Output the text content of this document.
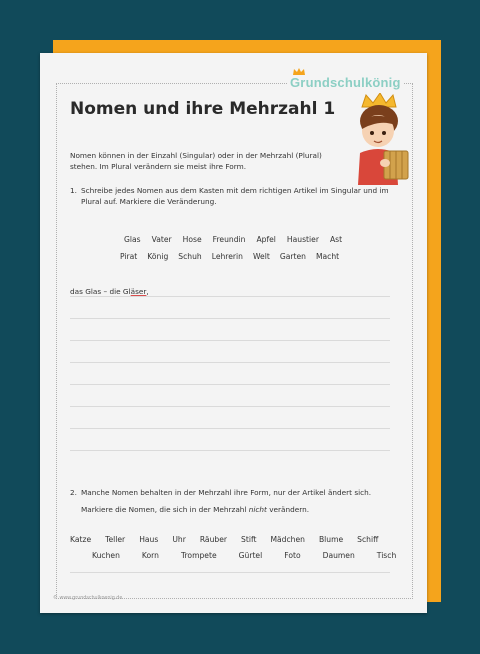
Grundschulkönig
Nomen und ihre Mehrzahl 1

Nomen können in der Einzahl (Singular) oder in der Mehrzahl (Plural) stehen. Im Plural verändern sie meist ihre Form.

1. Schreibe jedes Nomen aus dem Kasten mit dem richtigen Artikel im Singular und im Plural auf. Markiere die Veränderung.
Glas Vater Hose Freundin Apfel Haustier Ast
Pirat König Schuh Lehrerin Welt Garten Macht
das Glas – die Gläser,
2. Manche Nomen behalten in der Mehrzahl ihre Form, nur der Artikel ändert sich.
Markiere die Nomen, die sich in der Mehrzahl nicht verändern.
Katze Teller Haus Uhr Räuber Stift Mädchen Blume Schiff
Kuchen	Korn	Trompete	Gürtel	Foto	Daumen	Tisch
© www.grundschulkoenig.de
